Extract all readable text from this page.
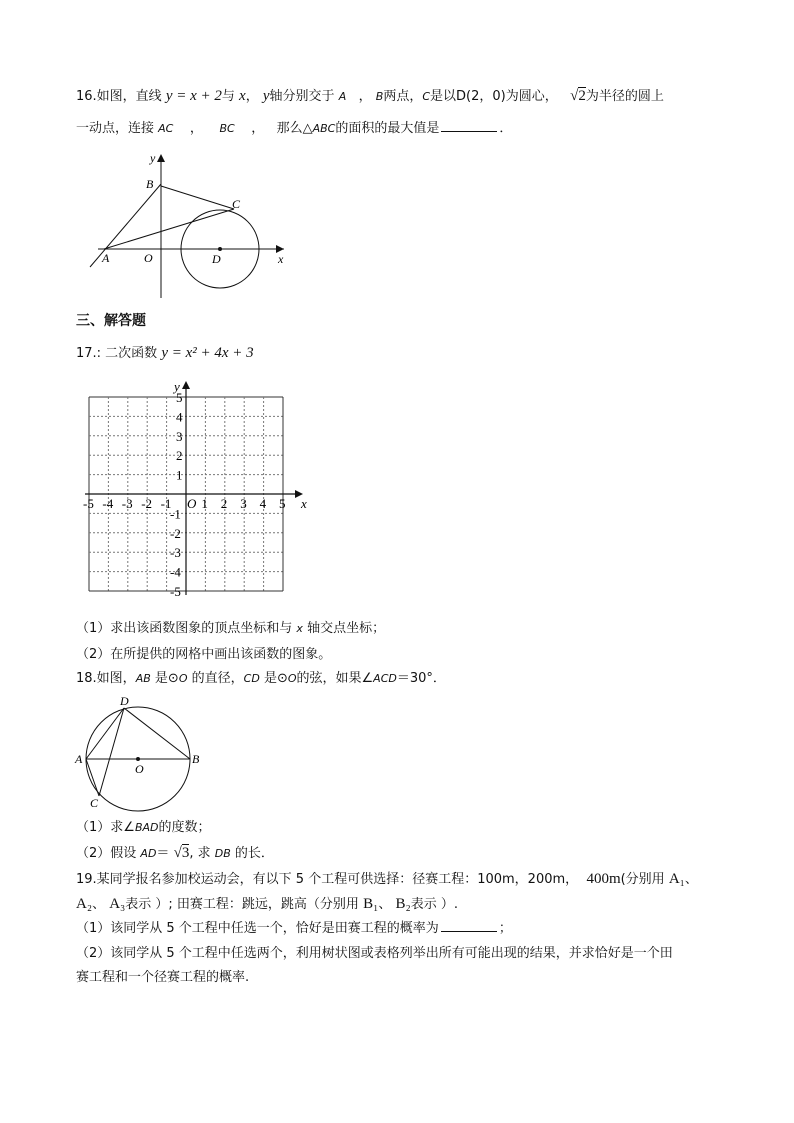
16.如图，直线 y = x + 2与 x， y轴分别交于 A   ， B两点，C是以D(2，0)为圆心， √2为半径的圆上
一动点，连接 AC    ，    BC    ，   那么△ABC的面积的最大值是	．
y
B
C
A	O	D	x
三、解答题
17.: 二次函数 y = x² + 4x + 3
x
y
O
-5 -4 -3 -2 -1 1 2 3 4 5
5
4
3
2
1
-1
-2
-3
-4
-5
（1）求出该函数图象的顶点坐标和与 x 轴交点坐标；
（2）在所提供的网格中画出该函数的图象。
18.如图，AB 是⊙O 的直径，CD 是⊙O的弦，如果∠ACD＝30°．
D
A
O
B
C
（1）求∠BAD的度数；
（2）假设 AD＝ √3, 求 DB 的长．
19.某同学报名参加校运动会，有以下 5 个工程可供选择：径赛工程：100m，200m， 400m(分别用 A₁、
A₂、 A₃表示 ）; 田赛工程：跳远，跳高（分别用 B₁、 B₂表示 ）.
（1）该同学从 5 个工程中任选一个，恰好是田赛工程的概率为	；
（2）该同学从 5 个工程中任选两个，利用树状图或表格列举出所有可能出现的结果，并求恰好是一个田
赛工程和一个径赛工程的概率.
